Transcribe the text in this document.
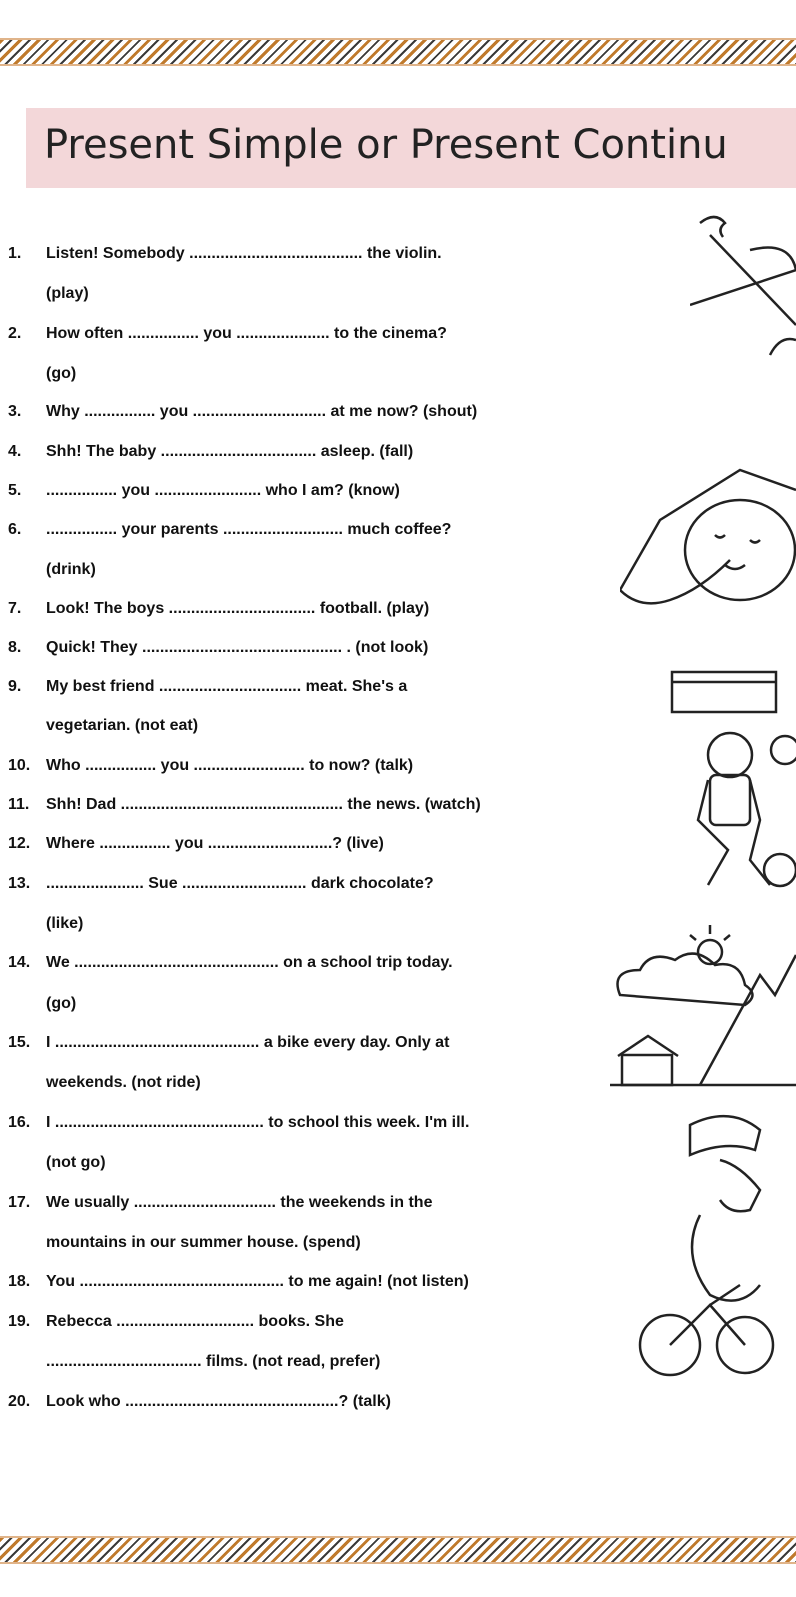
Present Simple or Present Continu
1. Listen! Somebody ....................................... the violin.
(play)
2. How often ................ you ..................... to the cinema?
(go)
3. Why ................ you .............................. at me now? (shout)
4. Shh! The baby ................................... asleep. (fall)
5. ................ you ........................ who I am? (know)
6. ................ your parents ........................... much coffee?
(drink)
7. Look! The boys ................................. football. (play)
8. Quick! They ............................................. . (not look)
9. My best friend ................................ meat. She's a
vegetarian. (not eat)
10. Who ................ you ......................... to now? (talk)
11. Shh! Dad .................................................. the news. (watch)
12. Where ................ you ............................? (live)
13. ...................... Sue ............................ dark chocolate?
(like)
14. We .............................................. on a school trip today.
(go)
15. I .............................................. a bike every day. Only at
weekends. (not ride)
16. I ............................................... to school this week. I'm ill.
(not go)
17. We usually ................................ the weekends in the
mountains in our summer house. (spend)
18. You .............................................. to me again! (not listen)
19. Rebecca ............................... books. She
................................... films. (not read, prefer)
20. Look who ................................................? (talk)
